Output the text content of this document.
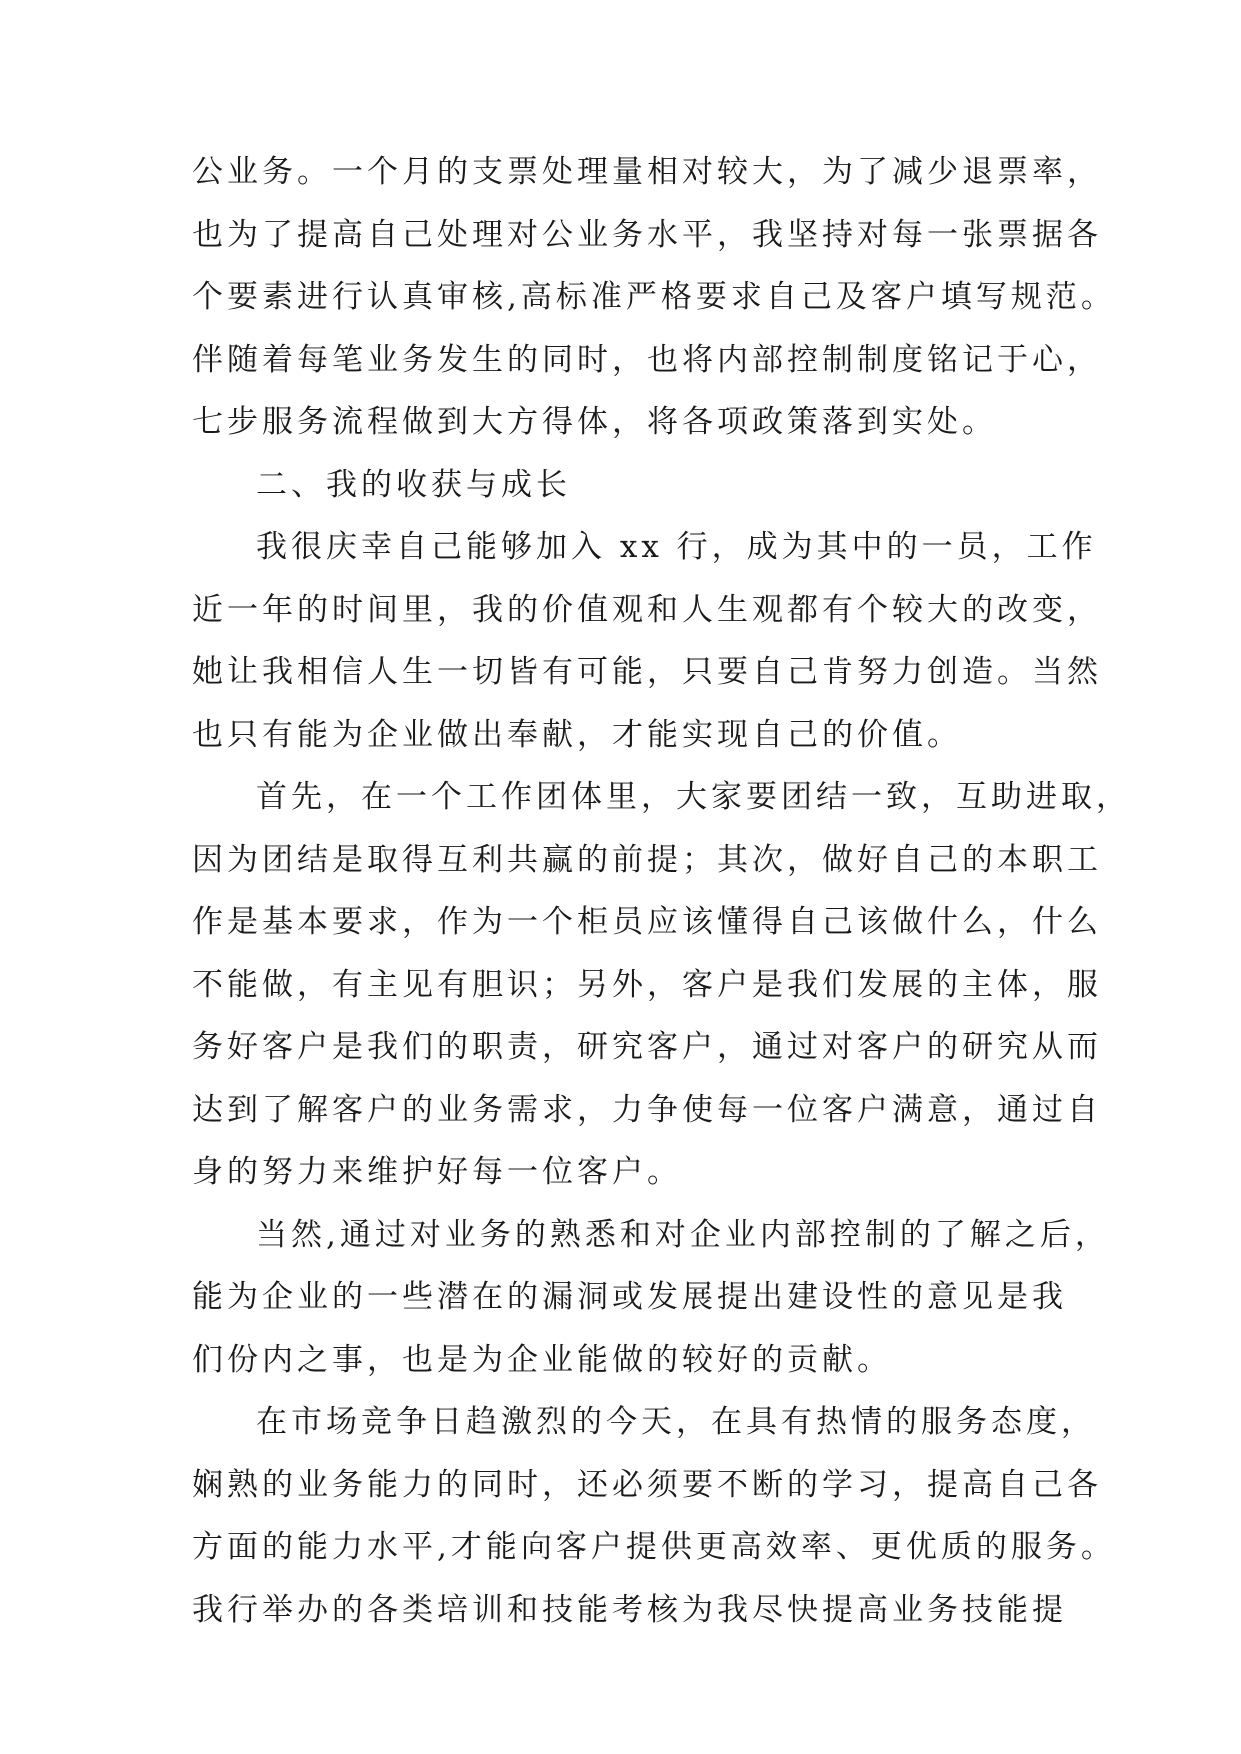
公业务。一个月的支票处理量相对较大，为了减少退票率，
也为了提高自己处理对公业务水平，我坚持对每一张票据各
个要素进行认真审核,高标准严格要求自己及客户填写规范。
伴随着每笔业务发生的同时，也将内部控制制度铭记于心，
七步服务流程做到大方得体，将各项政策落到实处。
二、我的收获与成长
我很庆幸自己能够加入 xx 行，成为其中的一员，工作
近一年的时间里，我的价值观和人生观都有个较大的改变，
她让我相信人生一切皆有可能，只要自己肯努力创造。当然
也只有能为企业做出奉献，才能实现自己的价值。
首先，在一个工作团体里，大家要团结一致，互助进取，
因为团结是取得互利共赢的前提；其次，做好自己的本职工
作是基本要求，作为一个柜员应该懂得自己该做什么，什么
不能做，有主见有胆识；另外，客户是我们发展的主体，服
务好客户是我们的职责，研究客户，通过对客户的研究从而
达到了解客户的业务需求，力争使每一位客户满意，通过自
身的努力来维护好每一位客户。
当然,通过对业务的熟悉和对企业内部控制的了解之后，
能为企业的一些潜在的漏洞或发展提出建设性的意见是我
们份内之事，也是为企业能做的较好的贡献。
在市场竞争日趋激烈的今天，在具有热情的服务态度，
娴熟的业务能力的同时，还必须要不断的学习，提高自己各
方面的能力水平,才能向客户提供更高效率、更优质的服务。
我行举办的各类培训和技能考核为我尽快提高业务技能提
